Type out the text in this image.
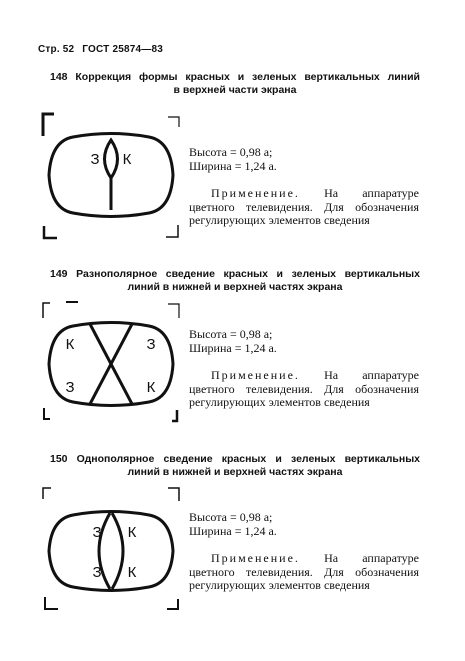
Стр. 52 ГОСТ 25874—83
148 Коррекция формы красных и зеленых вертикальных линий
в верхней части экрана
З К	Высота = 0,98 a;
Ширина = 1,24 a.
Применение. На аппаратуре цветного телевидения. Для обозначения регулирующих элементов сведения
149 Разнополярное сведение красных и зеленых вертикальных
линий в нижней и верхней частях экрана
К	З
З	К
Высота = 0,98 a;
Ширина = 1,24 a.
Применение. На аппаратуре цветного телевидения. Для обозначения регулирующих элементов сведения
150 Однополярное сведение красных и зеленых вертикальных
линий в нижней и верхней частях экрана
З К
З К
Высота = 0,98 a;
Ширина = 1,24 a.
Применение. На аппаратуре цветного телевидения. Для обозначения регулирующих элементов сведения
